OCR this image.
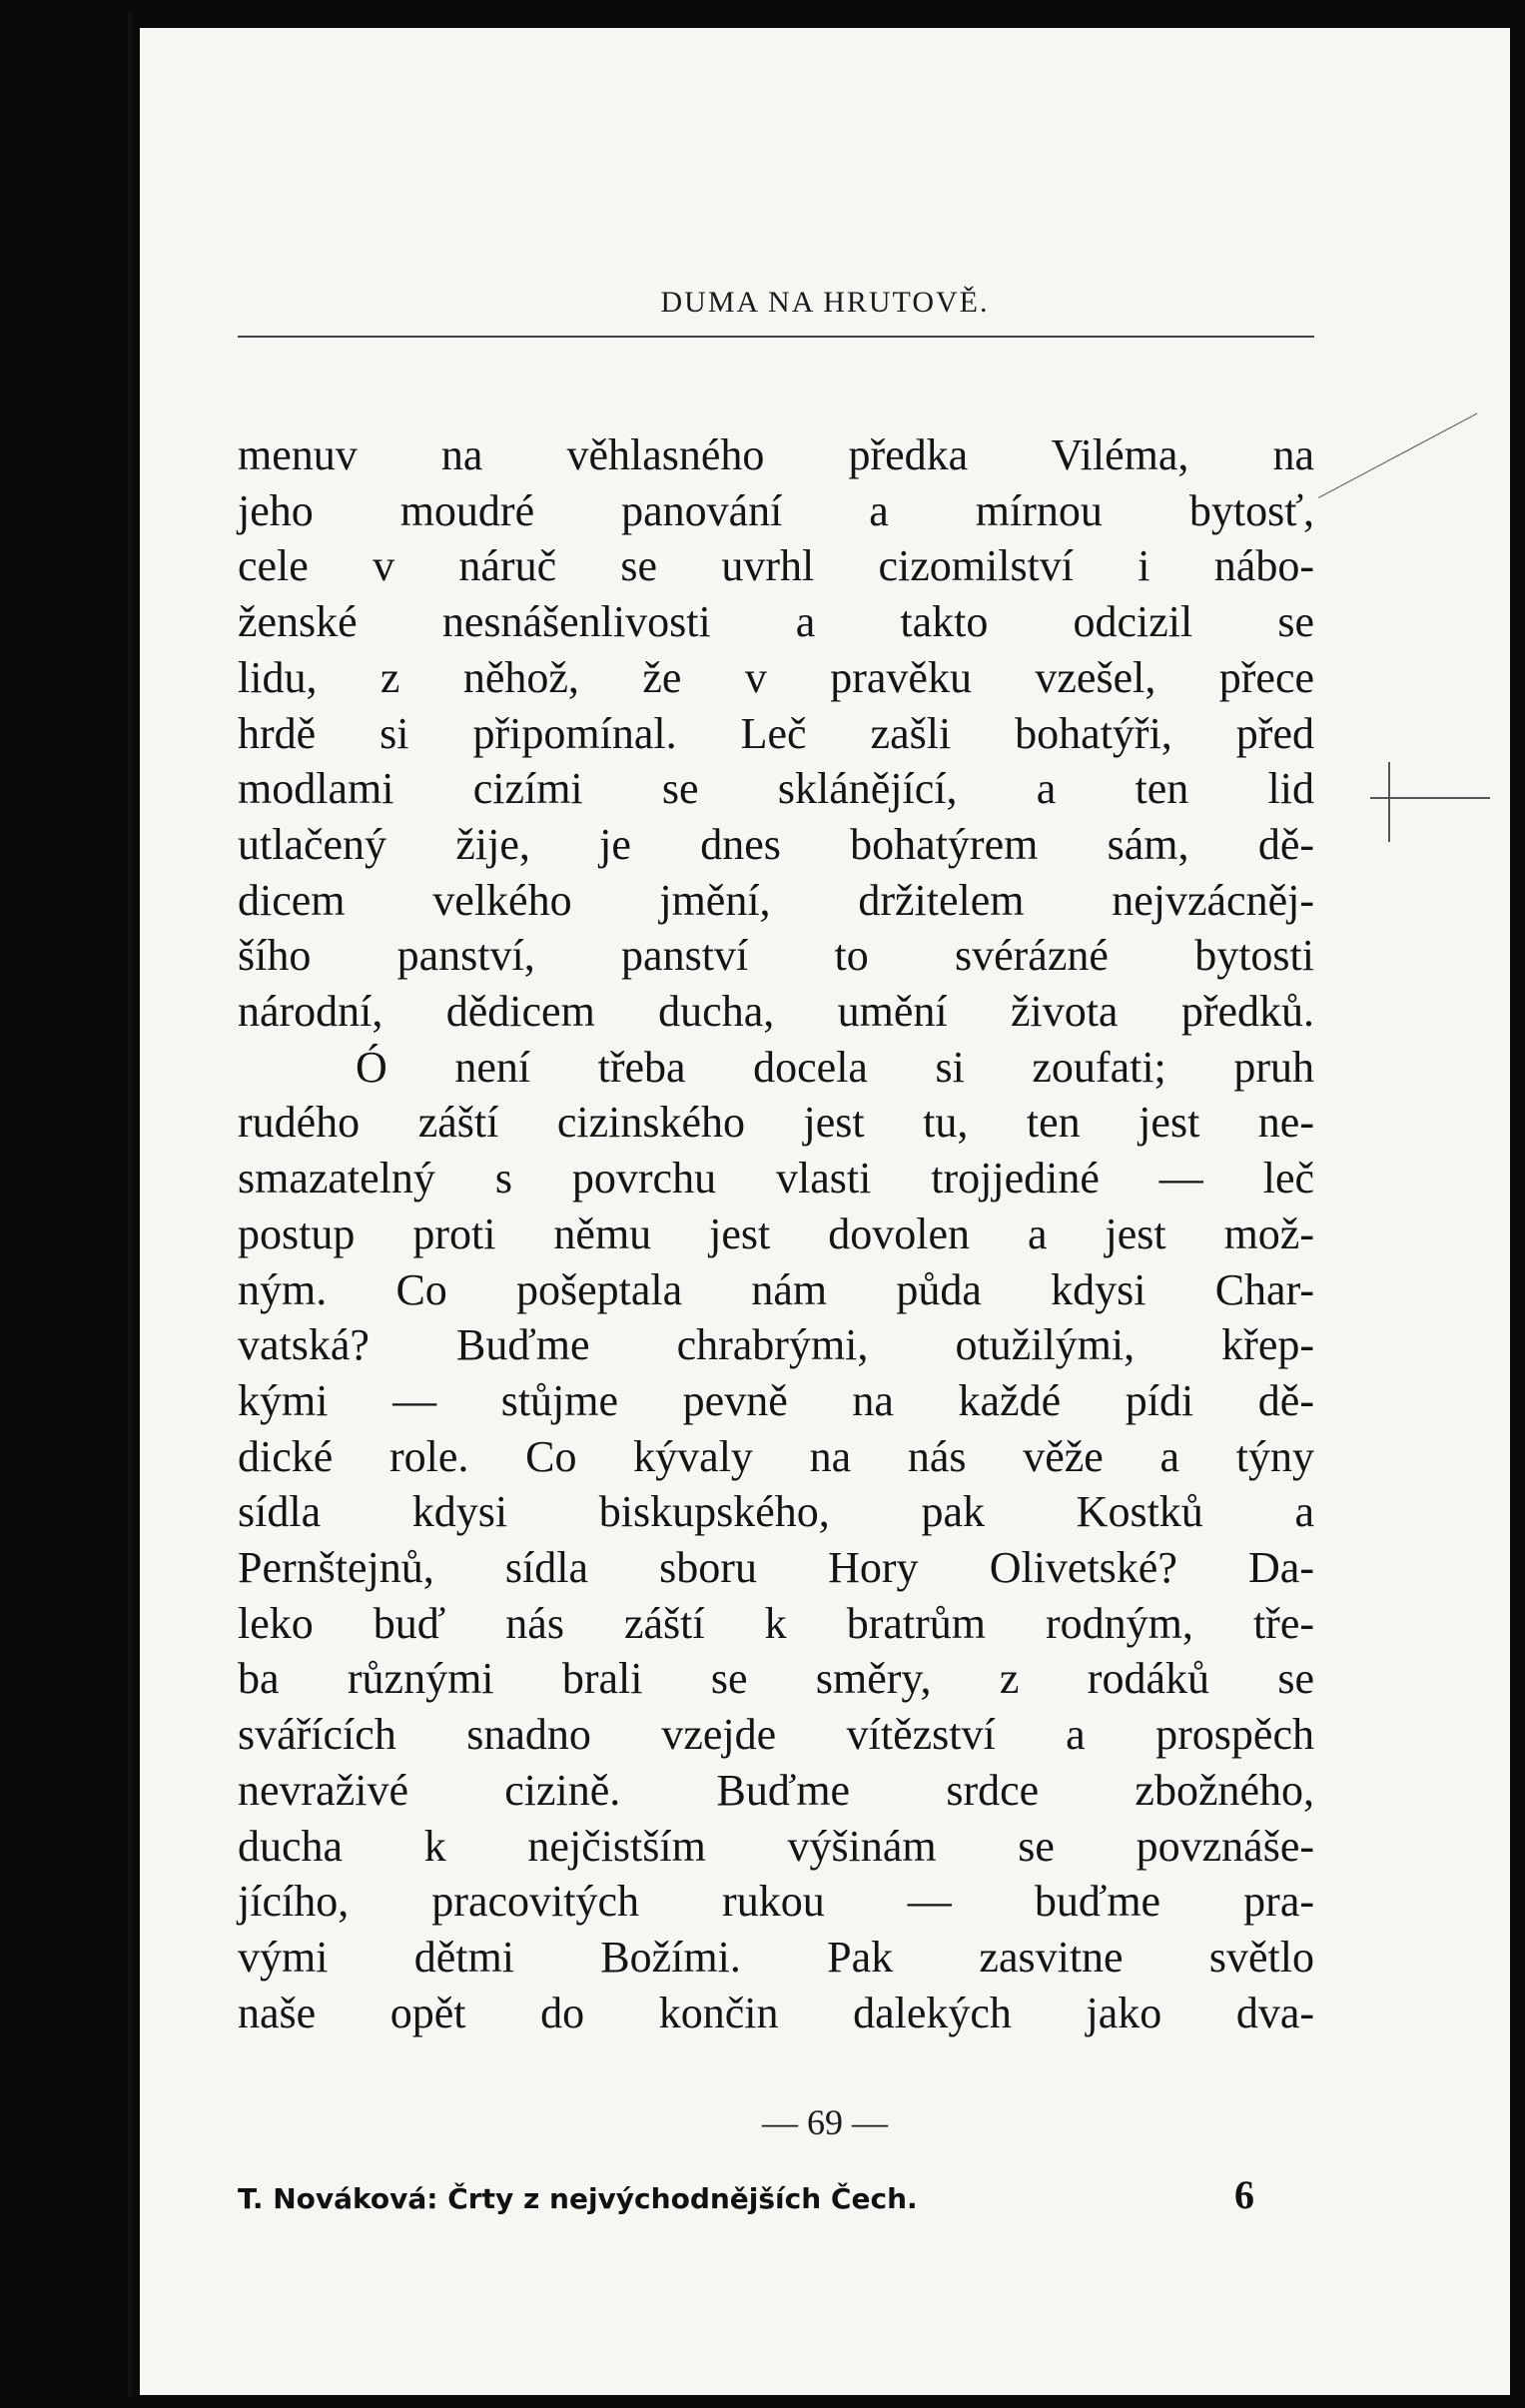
DUMA NA HRUTOVĚ.
menuv na věhlasného předka Viléma, na
jeho moudré panování a mírnou bytosť,
cele v náruč se uvrhl cizomilství i nábo-
ženské nesnášenlivosti a takto odcizil se
lidu, z něhož, že v pravěku vzešel, přece
hrdě si připomínal. Leč zašli bohatýři, před
modlami cizími se sklánějící, a ten lid
utlačený žije, je dnes bohatýrem sám, dě-
dicem velkého jmění, držitelem nejvzácněj-
šího panství, panství to svérázné bytosti
národní, dědicem ducha, umění života předků.
Ó není třeba docela si zoufati; pruh
rudého záští cizinského jest tu, ten jest ne-
smazatelný s povrchu vlasti trojjediné — leč
postup proti němu jest dovolen a jest mož-
ným. Co pošeptala nám půda kdysi Char-
vatská? Buďme chrabrými, otužilými, křep-
kými — stůjme pevně na každé pídi dě-
dické role. Co kývaly na nás věže a týny
sídla kdysi biskupského, pak Kostků a
Pernštejnů, sídla sboru Hory Olivetské? Da-
leko buď nás záští k bratrům rodným, tře-
ba různými brali se směry, z rodáků se
svářících snadno vzejde vítězství a prospěch
nevraživé cizině. Buďme srdce zbožného,
ducha k nejčistším výšinám se povznáše-
jícího, pracovitých rukou — buďme pra-
vými dětmi Božími. Pak zasvitne světlo
naše opět do končin dalekých jako dva-
— 69 —
T. Nováková: Črty z nejvýchodnějších Čech.	6
